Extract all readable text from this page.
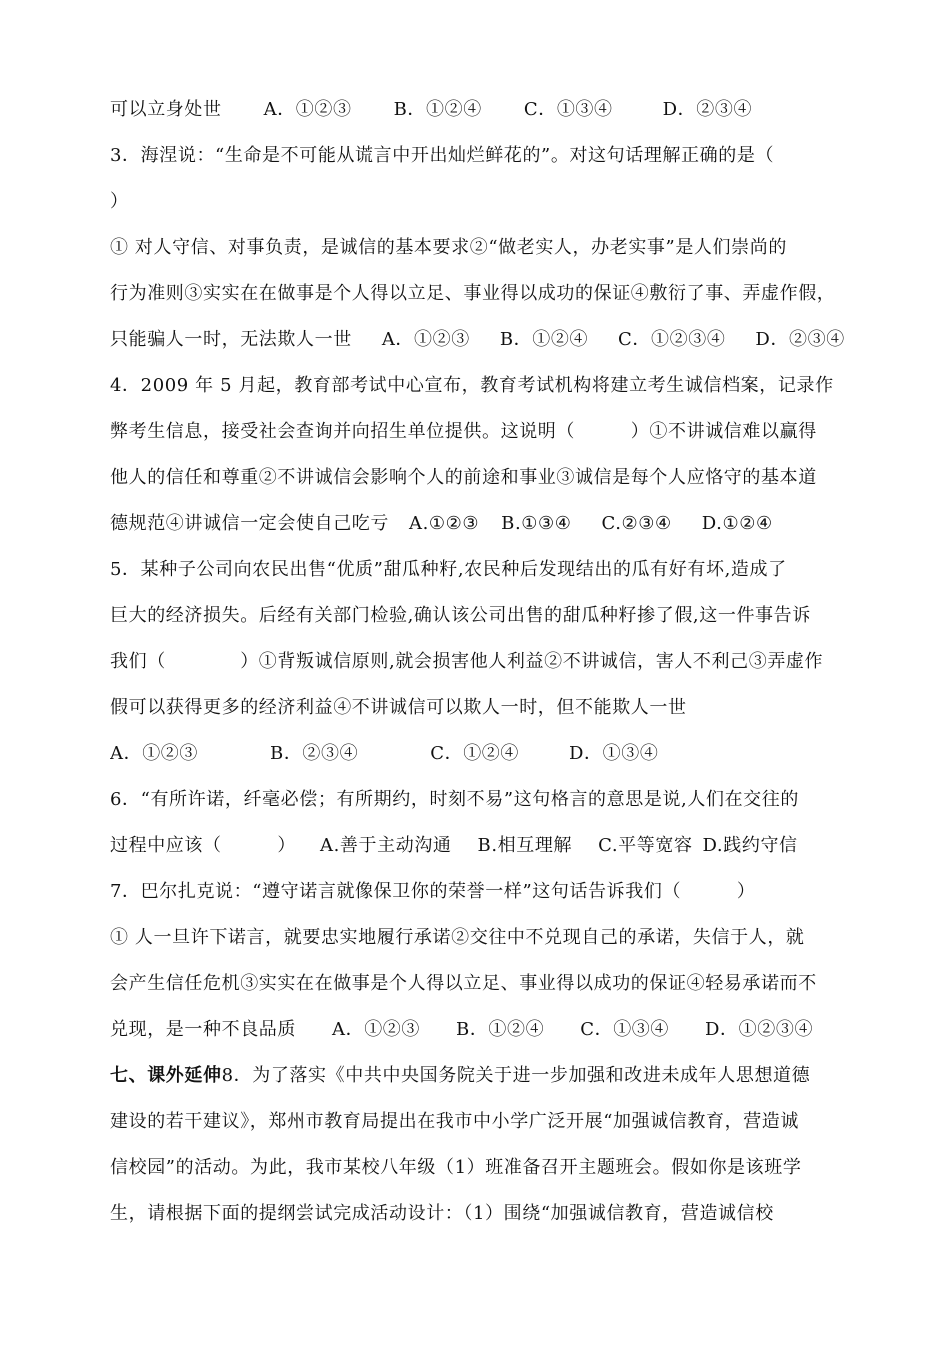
可以立身处世 A．①②③ B．①②④ C．①③④	D．②③④
3．海涅说：“生命是不可能从谎言中开出灿烂鲜花的”。对这句话理解正确的是（
）
① 对人守信、对事负责，是诚信的基本要求②“做老实人，办老实事”是人们崇尚的
行为准则③实实在在做事是个人得以立足、事业得以成功的保证④敷衍了事、弄虚作假，
只能骗人一时，无法欺人一世 A．①②③ B．①②④ C．①②③④ D．②③④
4．2009 年 5 月起，教育部考试中心宣布，教育考试机构将建立考生诚信档案，记录作
弊考生信息，接受社会查询并向招生单位提供。这说明（　　　）①不讲诚信难以赢得
他人的信任和尊重②不讲诚信会影响个人的前途和事业③诚信是每个人应恪守的基本道
德规范④讲诚信一定会使自己吃亏 A.①②③ B.①③④ C.②③④ D.①②④
5．某种子公司向农民出售“优质”甜瓜种籽,农民种后发现结出的瓜有好有坏,造成了
巨大的经济损失。后经有关部门检验,确认该公司出售的甜瓜种籽掺了假,这一件事告诉
我们（　　　　）①背叛诚信原则,就会损害他人利益②不讲诚信，害人不利己③弄虚作
假可以获得更多的经济利益④不讲诚信可以欺人一时，但不能欺人一世
A．①②③	B．②③④	C．①②④	D．①③④
6．“有所许诺，纤毫必偿；有所期约，时刻不易”这句格言的意思是说,人们在交往的
过程中应该（　　　） A.善于主动沟通 B.相互理解 C.平等宽容 D.践约守信
7．巴尔扎克说：“遵守诺言就像保卫你的荣誉一样”这句话告诉我们（　　　）
① 人一旦许下诺言，就要忠实地履行承诺②交往中不兑现自己的承诺，失信于人，就
会产生信任危机③实实在在做事是个人得以立足、事业得以成功的保证④轻易承诺而不
兑现，是一种不良品质 A．①②③ B．①②④ C．①③④ D．①②③④
七、课外延伸8．为了落实《中共中央国务院关于进一步加强和改进未成年人思想道德
建设的若干建议》，郑州市教育局提出在我市中小学广泛开展“加强诚信教育，营造诚
信校园”的活动。为此，我市某校八年级（1）班准备召开主题班会。假如你是该班学
生，请根据下面的提纲尝试完成活动设计：（1）围绕“加强诚信教育，营造诚信校
